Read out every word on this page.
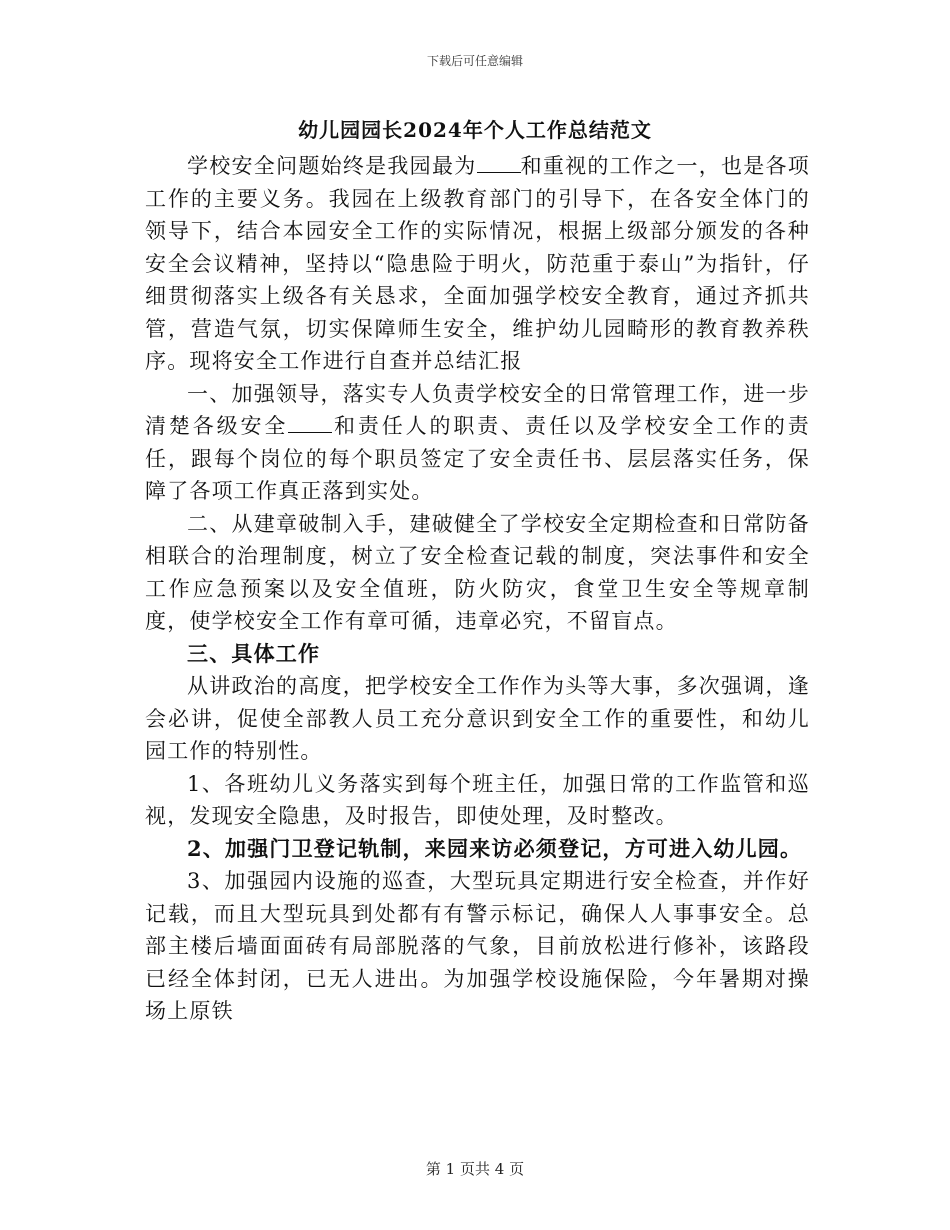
下载后可任意编辑
幼儿园园长2024年个人工作总结范文

学校安全问题始终是我园最为 和重视的工作之一，也是各项工作的主要义务。我园在上级教育部门的引导下，在各安全体门的领导下，结合本园安全工作的实际情况，根据上级部分颁发的各种安全会议精神，坚持以“隐患险于明火，防范重于泰山”为指针，仔细贯彻落实上级各有关恳求，全面加强学校安全教育，通过齐抓共管，营造气氛，切实保障师生安全，维护幼儿园畸形的教育教养秩序。现将安全工作进行自查并总结汇报

一、加强领导，落实专人负责学校安全的日常管理工作，进一步清楚各级安全 和责任人的职责、责任以及学校安全工作的责任，跟每个岗位的每个职员签定了安全责任书、层层落实任务，保障了各项工作真正落到实处。

二、从建章破制入手，建破健全了学校安全定期检查和日常防备相联合的治理制度，树立了安全检查记载的制度，突法事件和安全工作应急预案以及安全值班，防火防灾，食堂卫生安全等规章制度，使学校安全工作有章可循，违章必究，不留盲点。

三、具体工作

从讲政治的高度，把学校安全工作作为头等大事，多次强调，逢会必讲，促使全部教人员工充分意识到安全工作的重要性，和幼儿园工作的特别性。

1、各班幼儿义务落实到每个班主任，加强日常的工作监管和巡视，发现安全隐患，及时报告，即使处理，及时整改。

2、加强门卫登记轨制，来园来访必须登记，方可进入幼儿园。

3、加强园内设施的巡查，大型玩具定期进行安全检查，并作好记载，而且大型玩具到处都有有警示标记，确保人人事事安全。总部主楼后墙面面砖有局部脱落的气象，目前放松进行修补，该路段已经全体封闭，已无人进出。为加强学校设施保险，今年暑期对操场上原铁

第 1 页共 4 页
